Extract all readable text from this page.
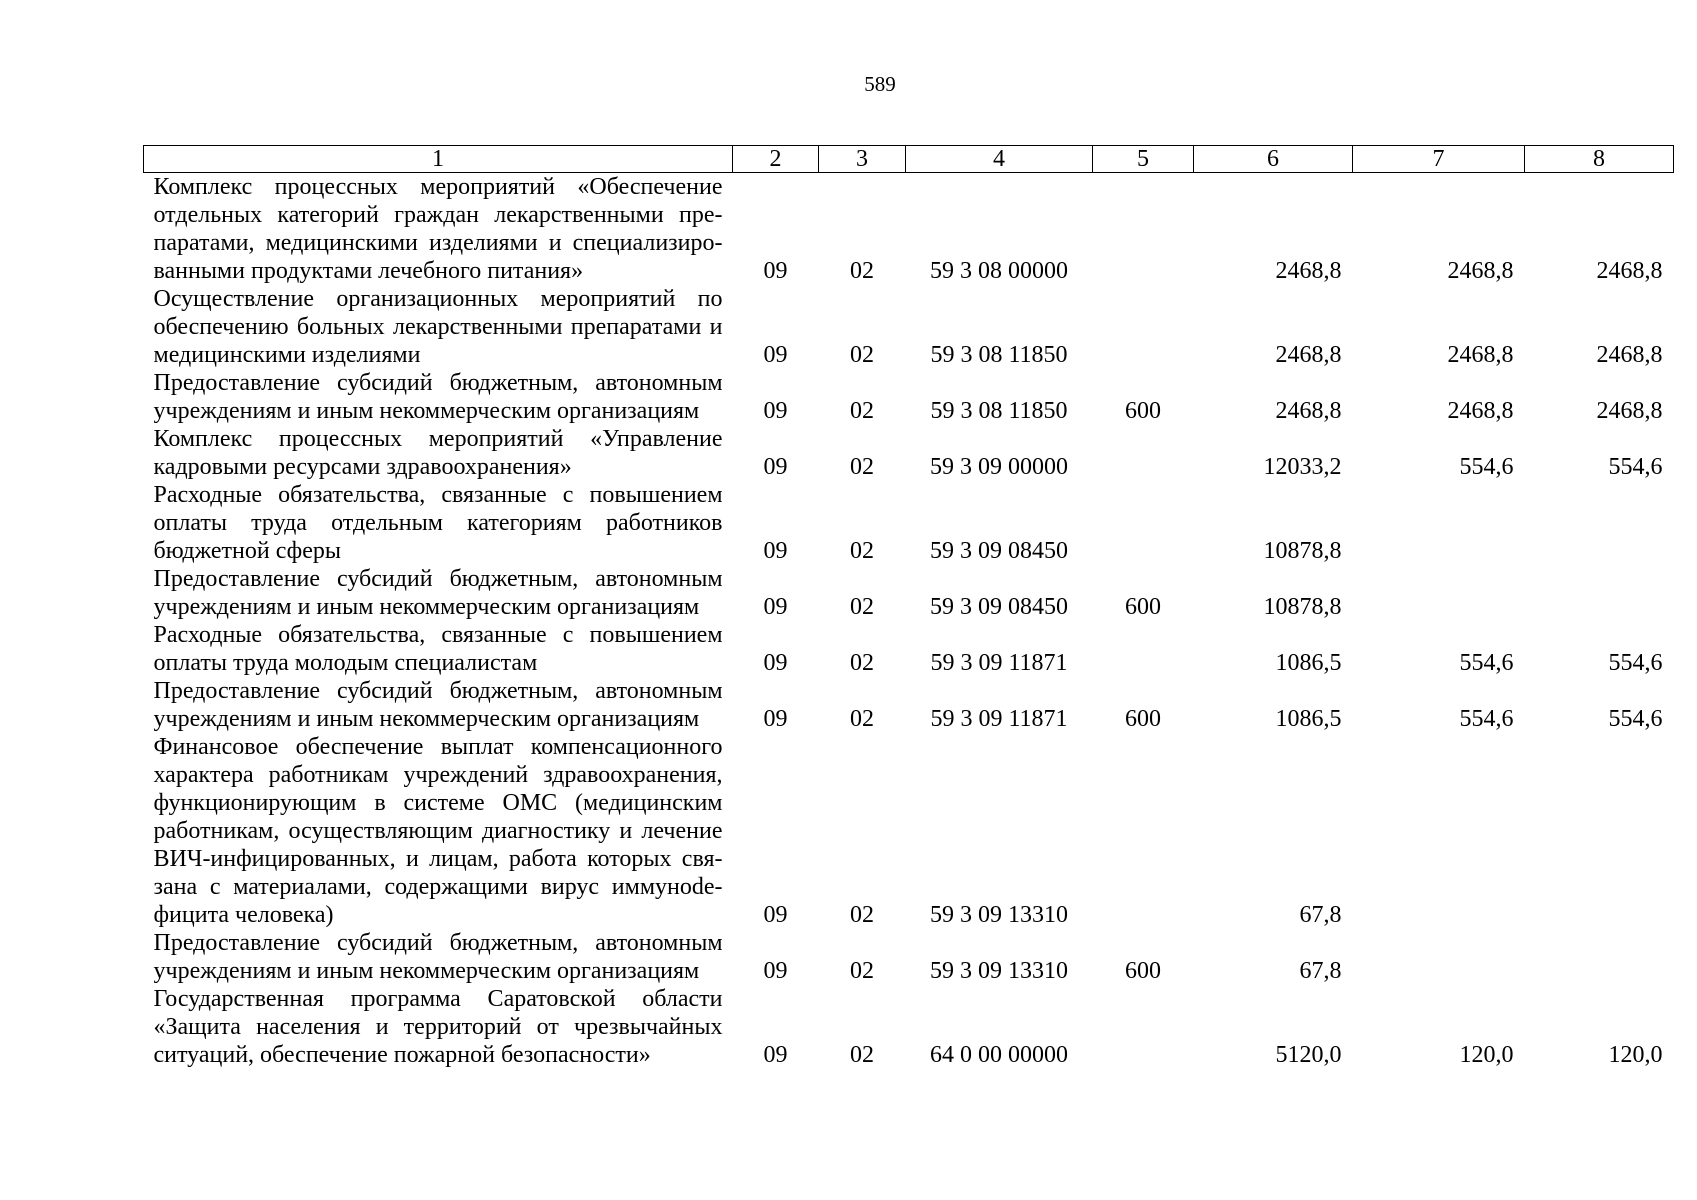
589
1	2	3	4	5	6	7	8
Комплекс процессных мероприятий «Обеспечение отдельных категорий граждан лекарственными пре-паратами, медицинскими изделиями и специализиро-ванными продуктами лечебного питания»	09	02	59 3 08 00000		2468,8	2468,8	2468,8
Осуществление организационных мероприятий по обеспечению больных лекарственными препаратами и медицинскими изделиями	09	02	59 3 08 11850		2468,8	2468,8	2468,8
Предоставление субсидий бюджетным, автономным учреждениям и иным некоммерческим организациям	09	02	59 3 08 11850	600	2468,8	2468,8	2468,8
Комплекс процессных мероприятий «Управление кадровыми ресурсами здравоохранения»	09	02	59 3 09 00000		12033,2	554,6	554,6
Расходные обязательства, связанные с повышением оплаты труда отдельным категориям работников бюджетной сферы	09	02	59 3 09 08450		10878,8		
Предоставление субсидий бюджетным, автономным учреждениям и иным некоммерческим организациям	09	02	59 3 09 08450	600	10878,8		
Расходные обязательства, связанные с повышением оплаты труда молодым специалистам	09	02	59 3 09 11871		1086,5	554,6	554,6
Предоставление субсидий бюджетным, автономным учреждениям и иным некоммерческим организациям	09	02	59 3 09 11871	600	1086,5	554,6	554,6
Финансовое обеспечение выплат компенсационного характера работникам учреждений здравоохранения, функционирующим в системе ОМС (медицинским работникам, осуществляющим диагностику и лечение ВИЧ-инфицированных, и лицам, работа которых свя-зана с материалами, содержащими вирус иммунode-фицита человека)	09	02	59 3 09 13310		67,8		
Предоставление субсидий бюджетным, автономным учреждениям и иным некоммерческим организациям	09	02	59 3 09 13310	600	67,8		
Государственная программа Саратовской области «Защита населения и территорий от чрезвычайных ситуаций, обеспечение пожарной безопасности»	09	02	64 0 00 00000		5120,0	120,0	120,0
